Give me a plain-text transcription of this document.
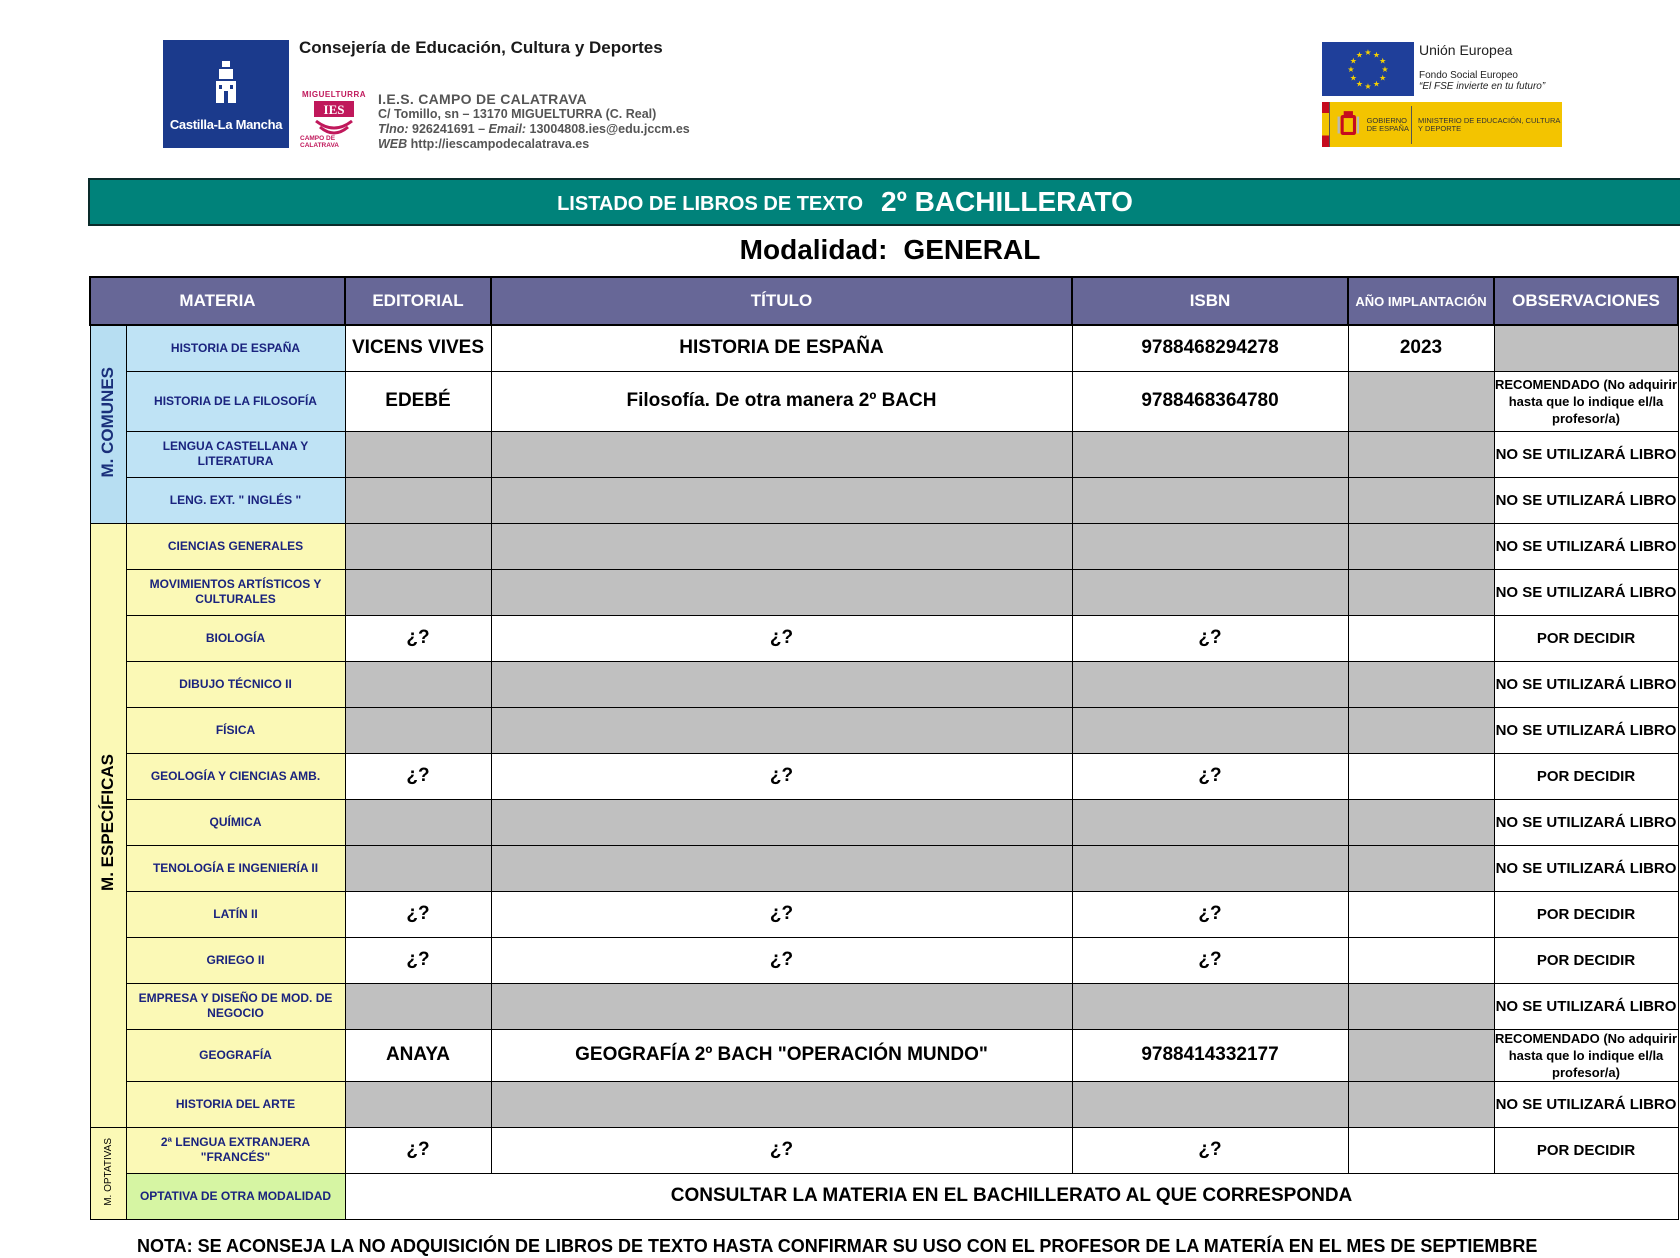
Castilla-La Mancha
Consejería de Educación, Cultura y Deportes
MIGUELTURRA
IES
CAMPO DE CALATRAVA
I.E.S. CAMPO DE CALATRAVA
C/ Tomillo, sn – 13170 MIGUELTURRA (C. Real)
Tlno: 926241691 – Email: 13004808.ies@edu.jccm.es
WEB http://iescampodecalatrava.es
★
★
★
★
★
★
★
★
★ ★ ★
★
Unión Europea
Fondo Social Europeo
“El FSE invierte en tu futuro”
GOBIERNO DE ESPAÑA
MINISTERIO DE EDUCACIÓN, CULTURA Y DEPORTE
LISTADO DE LIBROS DE TEXTO 2º BACHILLERATO
Modalidad: GENERAL
MATERIA		EDITORIAL	TÍTULO	ISBN	AÑO IMPLANTACIÓN	OBSERVACIONES
M. COMUNES	HISTORIA DE ESPAÑA	VICENS VIVES	HISTORIA DE ESPAÑA	9788468294278	2023	
	HISTORIA DE LA FILOSOFÍA	EDEBÉ	Filosofía. De otra manera 2º BACH	9788468364780		RECOMENDADO (No adquirir hasta que lo indique el/la profesor/a)
	LENGUA CASTELLANA Y LITERATURA					NO SE UTILIZARÁ LIBRO
	LENG. EXT. " INGLÉS "					NO SE UTILIZARÁ LIBRO
M. ESPECÍFICAS	CIENCIAS GENERALES					NO SE UTILIZARÁ LIBRO
	MOVIMIENTOS ARTÍSTICOS Y CULTURALES					NO SE UTILIZARÁ LIBRO
	BIOLOGÍA	¿?	¿?	¿?		POR DECIDIR
	DIBUJO TÉCNICO II					NO SE UTILIZARÁ LIBRO
	FÍSICA					NO SE UTILIZARÁ LIBRO
	GEOLOGÍA Y CIENCIAS AMB.	¿?	¿?	¿?		POR DECIDIR
	QUÍMICA					NO SE UTILIZARÁ LIBRO
	TENOLOGÍA E INGENIERÍA II					NO SE UTILIZARÁ LIBRO
	LATÍN II	¿?	¿?	¿?		POR DECIDIR
	GRIEGO II	¿?	¿?	¿?		POR DECIDIR
	EMPRESA Y DISEÑO DE MOD. DE NEGOCIO					NO SE UTILIZARÁ LIBRO
	GEOGRAFÍA	ANAYA	GEOGRAFÍA 2º BACH "OPERACIÓN MUNDO"	9788414332177		RECOMENDADO (No adquirir hasta que lo indique el/la profesor/a)
	HISTORIA DEL ARTE					NO SE UTILIZARÁ LIBRO
M. OPTATIVAS	2ª LENGUA EXTRANJERA "FRANCÉS"	¿?	¿?	¿?		POR DECIDIR
	OPTATIVA DE OTRA MODALIDAD	CONSULTAR LA MATERIA EN EL BACHILLERATO AL QUE CORRESPONDA				
NOTA: SE ACONSEJA LA NO ADQUISICIÓN DE LIBROS DE TEXTO HASTA CONFIRMAR SU USO CON EL PROFESOR DE LA MATERÍA EN EL MES DE SEPTIEMBRE
